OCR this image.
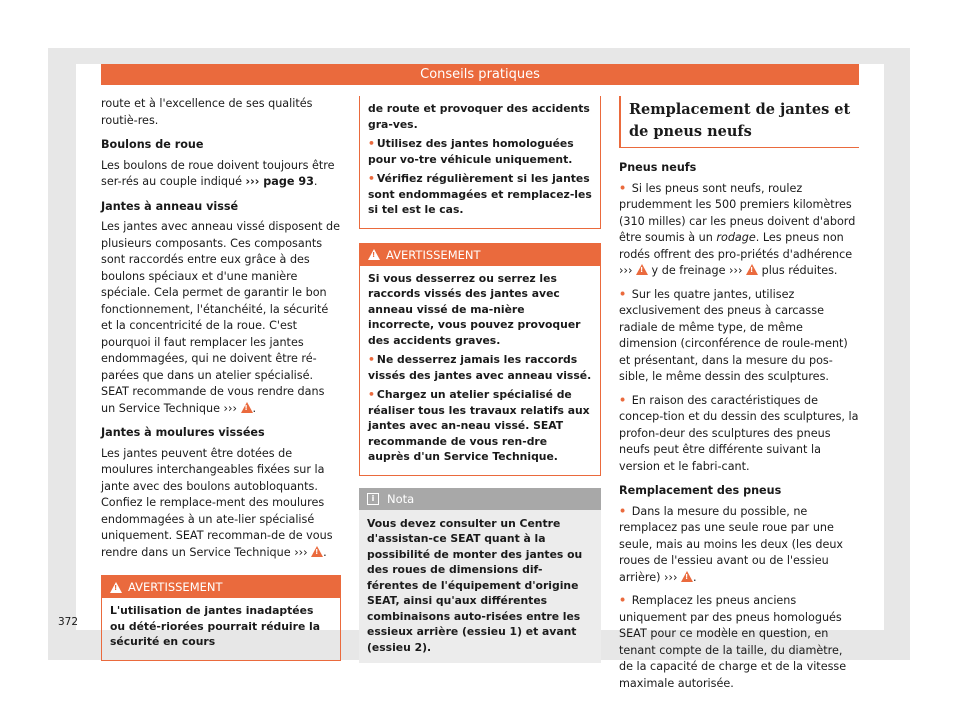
Conseils pratiques

route et à l'excellence de ses qualités routiè-res.

Boulons de roue

Les boulons de roue doivent toujours être ser-rés au couple indiqué ››› page 93.

Jantes à anneau vissé

Les jantes avec anneau vissé disposent de plusieurs composants. Ces composants sont raccordés entre eux grâce à des boulons spéciaux et d'une manière spéciale. Cela permet de garantir le bon fonctionnement, l'étanchéité, la sécurité et la concentricité de la roue. C'est pourquoi il faut remplacer les jantes endommagées, qui ne doivent être ré-parées que dans un atelier spécialisé. SEAT recommande de vous rendre dans un Service Technique ››› ! .

Jantes à moulures vissées

Les jantes peuvent être dotées de moulures interchangeables fixées sur la jante avec des boulons autobloquants. Confiez le remplace-ment des moulures endommagées à un ate-lier spécialisé uniquement. SEAT recomman-de de vous rendre dans un Service Technique ››› ! .

!
AVERTISSEMENT

L'utilisation de jantes inadaptées ou dété-riorées pourrait réduire la sécurité en cours

de route et provoquer des accidents gra-ves.

• Utilisez des jantes homologuées pour vo-tre véhicule uniquement.

• Vérifiez régulièrement si les jantes sont endommagées et remplacez-les si tel est le cas.

!
AVERTISSEMENT

Si vous desserrez ou serrez les raccords vissés des jantes avec anneau vissé de ma-nière incorrecte, vous pouvez provoquer des accidents graves.

• Ne desserrez jamais les raccords vissés des jantes avec anneau vissé.

• Chargez un atelier spécialisé de réaliser tous les travaux relatifs aux jantes avec an-neau vissé. SEAT recommande de vous ren-dre auprès d'un Service Technique.

i	Nota
Vous devez consulter un Centre d'assistan-ce SEAT quant à la possibilité de monter des jantes ou des roues de dimensions dif-férentes de l'équipement d'origine SEAT, ainsi qu'aux différentes combinaisons auto-risées entre les essieux arrière (essieu 1) et avant (essieu 2).
Remplacement de jantes et de pneus neufs
Pneus neufs

• Si les pneus sont neufs, roulez prudemment les 500 premiers kilomètres (310 milles) car les pneus doivent d'abord être soumis à un rodage. Les pneus non rodés offrent des pro-priétés d'adhérence ››› ! y de freinage ››› ! plus réduites.

• Sur les quatre jantes, utilisez exclusivement des pneus à carcasse radiale de même type, de même dimension (circonférence de roule-ment) et présentant, dans la mesure du pos-sible, le même dessin des sculptures.

• En raison des caractéristiques de concep-tion et du dessin des sculptures, la profon-deur des sculptures des pneus neufs peut être différente suivant la version et le fabri-cant.

Remplacement des pneus

• Dans la mesure du possible, ne remplacez pas une seule roue par une seule, mais au moins les deux (les deux roues de l'essieu avant ou de l'essieu arrière) ››› ! .

• Remplacez les pneus anciens uniquement par des pneus homologués SEAT pour ce modèle en question, en tenant compte de la taille, du diamètre, de la capacité de charge et de la vitesse maximale autorisée.

372
